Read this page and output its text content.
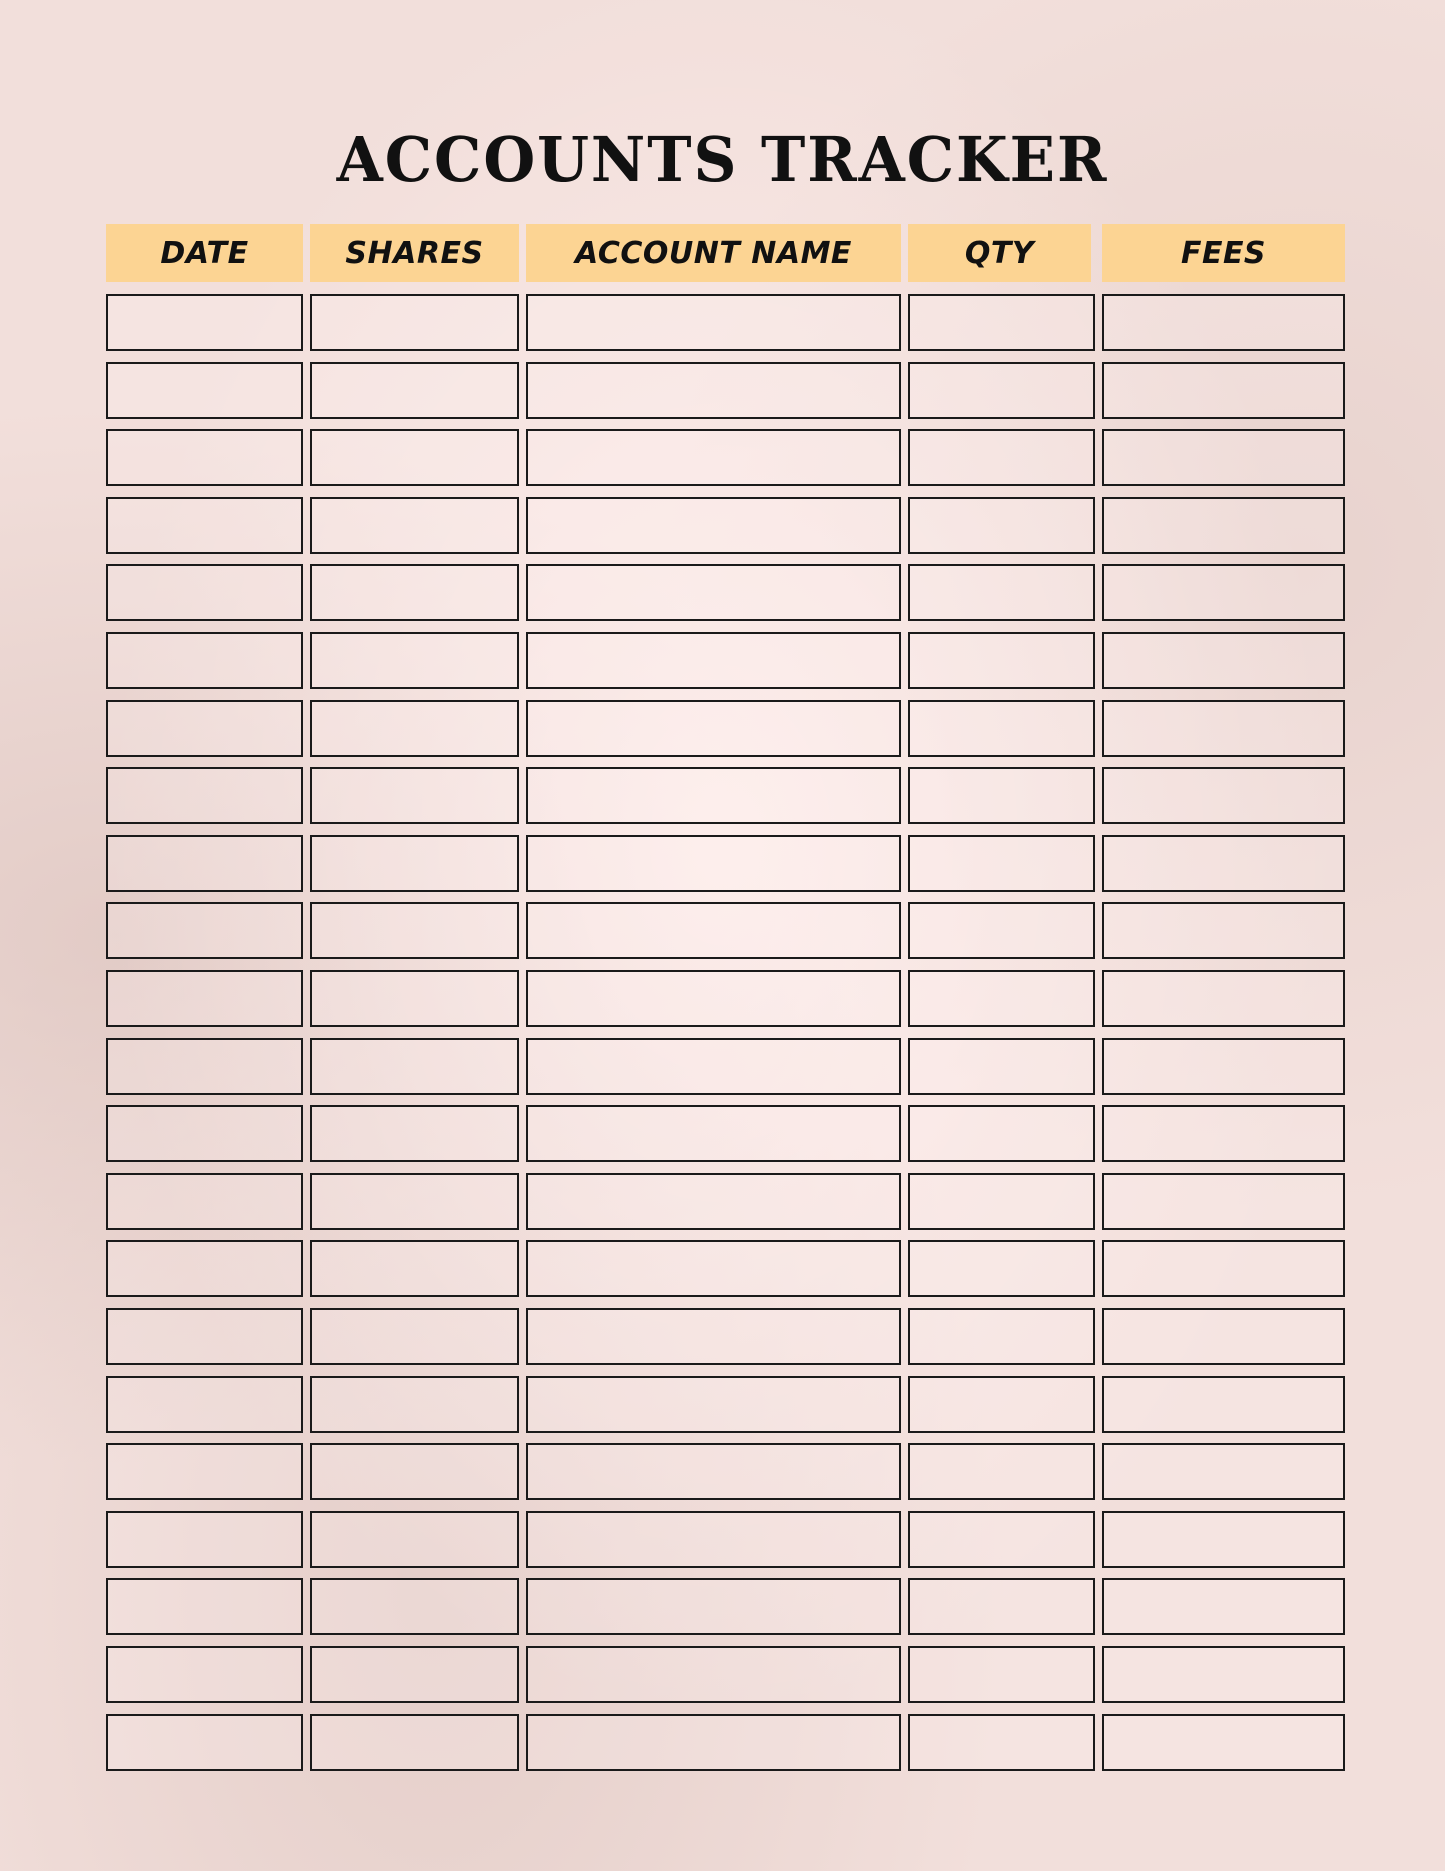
ACCOUNTS TRACKER
DATE	SHARES	ACCOUNT NAME	QTY	FEES
